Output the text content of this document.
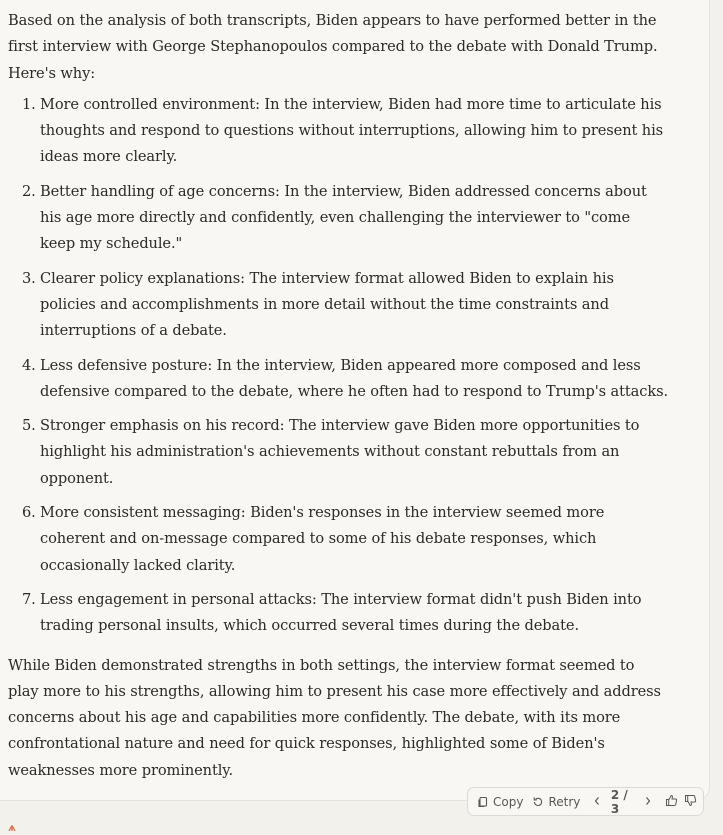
Based on the analysis of both transcripts, Biden appears to have performed better in the first interview with George Stephanopoulos compared to the debate with Donald Trump. Here's why:

1. More controlled environment: In the interview, Biden had more time to articulate his thoughts and respond to questions without interruptions, allowing him to present his ideas more clearly.
2. Better handling of age concerns: In the interview, Biden addressed concerns about his age more directly and confidently, even challenging the interviewer to "come keep my schedule."
3. Clearer policy explanations: The interview format allowed Biden to explain his policies and accomplishments in more detail without the time constraints and interruptions of a debate.
4. Less defensive posture: In the interview, Biden appeared more composed and less defensive compared to the debate, where he often had to respond to Trump's attacks.
5. Stronger emphasis on his record: The interview gave Biden more opportunities to highlight his administration's achievements without constant rebuttals from an opponent.
6. More consistent messaging: Biden's responses in the interview seemed more coherent and on-message compared to some of his debate responses, which occasionally lacked clarity.
7. Less engagement in personal attacks: The interview format didn't push Biden into trading personal insults, which occurred several times during the debate.

While Biden demonstrated strengths in both settings, the interview format seemed to play more to his strengths, allowing him to present his case more effectively and address concerns about his age and capabilities more confidently. The debate, with its more confrontational nature and need for quick responses, highlighted some of Biden's weaknesses more prominently.

Copy Retry	2 / 3
